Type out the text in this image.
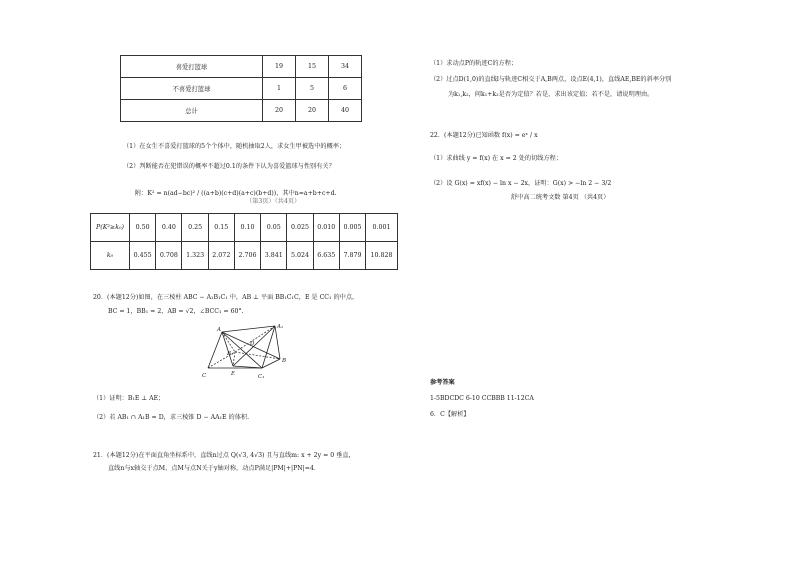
喜爱打篮球	19	15	34
不喜爱打篮球	1	5	6
总计	20	20	40
（1）在女生不喜爱打篮球的5个个体中，随机抽取2人，求女生甲被选中的概率；
（2）判断能否在犯错误的概率不超过0.1的条件下认为喜爱篮球与性别有关？
附：K² = n(ad−bc)² / ((a+b)(c+d)(a+c)(b+d))，其中n=a+b+c+d.
（第3页）（共4页）
P(K²≥k₀)	0.50	0.40	0.25	0.15	0.10	0.05	0.025	0.010	0.005	0.001
k₀	0.455	0.708	1.323	2.072	2.706	3.841	5.024	6.635	7.879	10.828
20．(本题12分)如图，在三棱柱 ABC − A₁B₁C₁ 中，AB ⊥ 平面 BB₁C₁C，E 是 CC₁ 的中点，
BC = 1，BB₁ = 2，AB = √2，∠BCC₁ = 60°.
A₁
A
B
B₁
C	C₁
D
E
（1）证明：B₁E ⊥ AE；
（2）若 AB₁ ∩ A₁B = D，求三棱锥 D − AA₁E 的体积.
21．(本题12分)在平面直角坐标系中，直线n过点 Q(√3, 4√3) 且与直线m: x + 2y = 0 垂直，
直线n与x轴交于点M，点M与点N关于y轴对称，动点P满足|PM|+|PN|=4．
（1）求动点P的轨迹C的方程；
（2）过点D(1,0)的直线l与轨迹C相交于A,B两点，设点E(4,1)，直线AE,BE的斜率分别
为k₁,k₂，问k₁+k₂是否为定值？若是，求出该定值；若不是，请说明理由。
22．(本题12分)已知函数 f(x) = eˣ / x
（1）求曲线 y = f(x) 在 x = 2 处的切线方程；
（2）设 G(x) = xf(x) − ln x − 2x，证明：G(x) > −ln 2 − 3/2
舒中高二统考文数 第4页 （共4页）
参考答案
1-5BDCDC 6-10 CCBBB 11-12CA
6．C【解析】
